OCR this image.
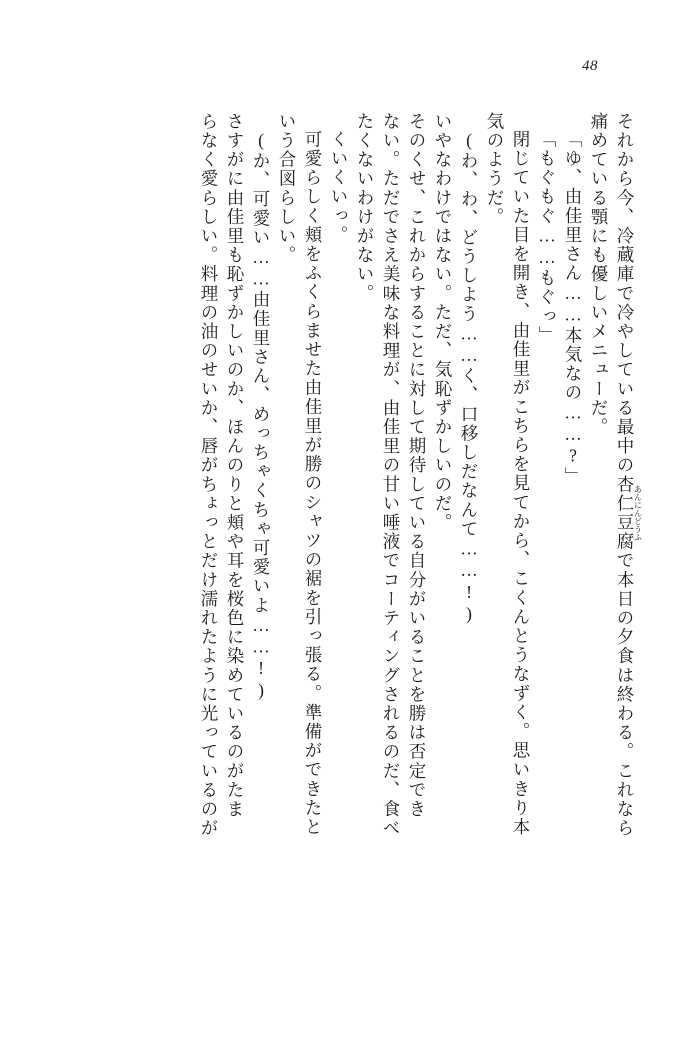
48
それから今、冷蔵庫で冷やしている最中の杏仁豆腐あんにんどうふで本日の夕食は終わる。これなら
痛めている顎にも優しいメニューだ。
「ゆ、由佳里さん……本気なの……?」
「もぐもぐ……もぐっ」
閉じていた目を開き、由佳里がこちらを見てから、こくんとうなずく。思いきり本
気のようだ。
(わ、わ、どうしよう……く、口移しだなんて……!)
いやなわけではない。ただ、気恥ずかしいのだ。
そのくせ、これからすることに対して期待している自分がいることを勝は否定でき
ない。ただでさえ美味な料理が、由佳里の甘い唾液でコーティングされるのだ、食べ
たくないわけがない。
くいくいっ。
可愛らしく頬をふくらませた由佳里が勝のシャツの裾を引っ張る。準備ができたと
いう合図らしい。
(か、可愛い……由佳里さん、めっちゃくちゃ可愛いよ……!)
さすがに由佳里も恥ずかしいのか、ほんのりと頬や耳を桜色に染めているのがたま
らなく愛らしい。料理の油のせいか、唇がちょっとだけ濡れたように光っているのが
